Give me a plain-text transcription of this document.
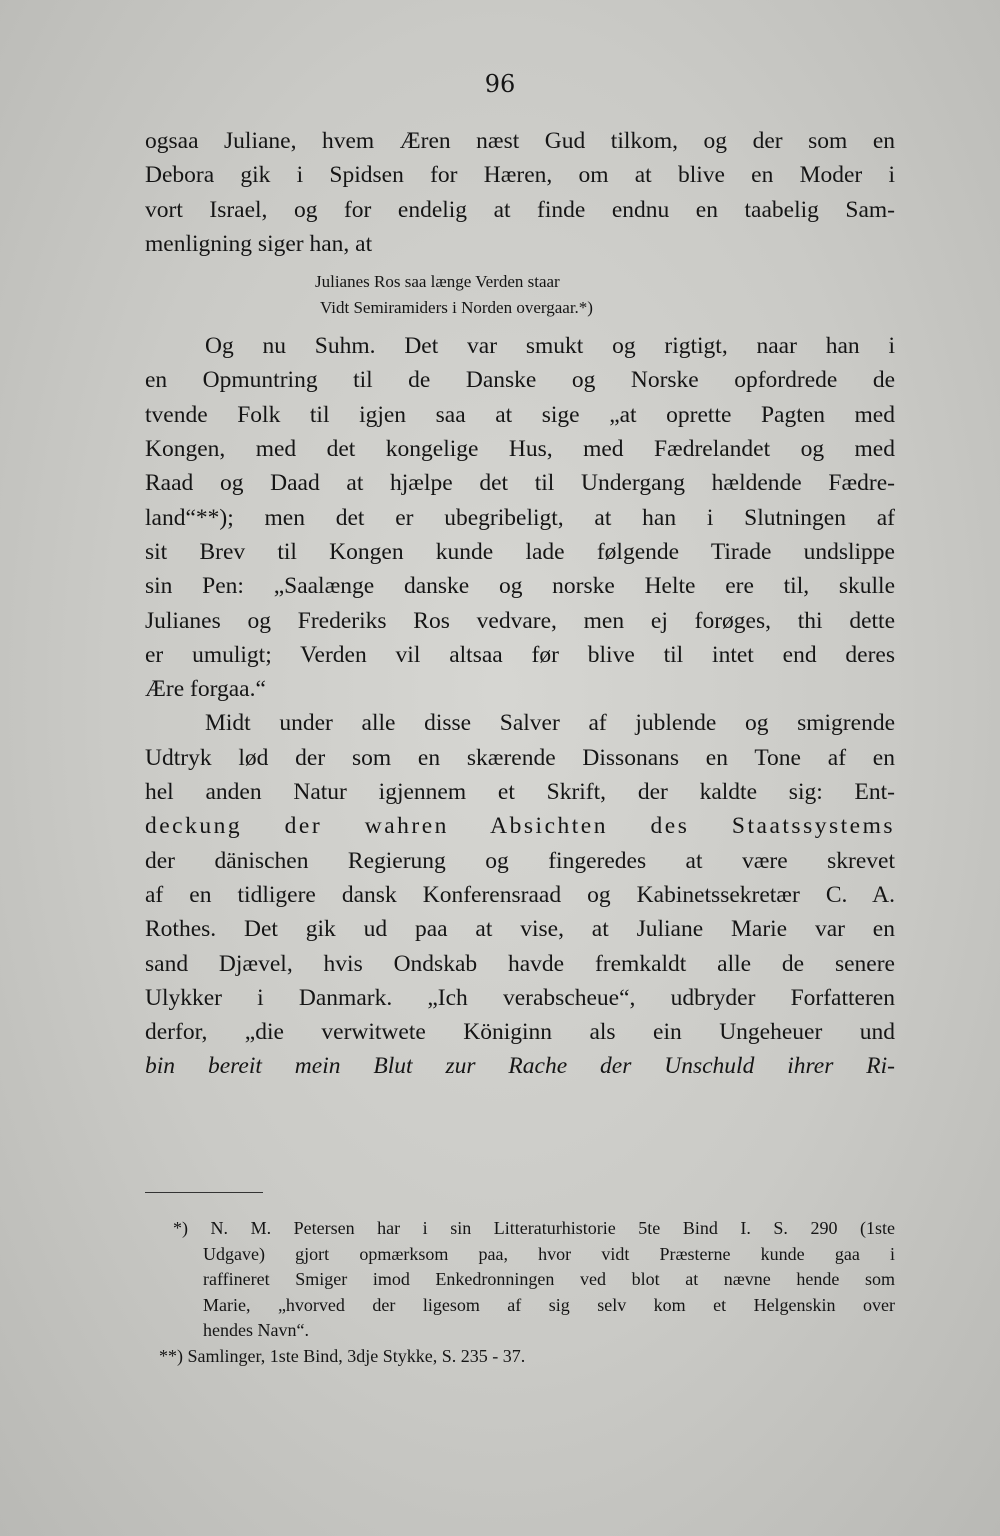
96
ogsaa Juliane, hvem Æren næst Gud tilkom, og der som en
Debora gik i Spidsen for Hæren, om at blive en Moder i
vort Israel, og for endelig at finde endnu en taabelig Sam-
menligning siger han, at
Julianes Ros saa længe Verden staar
Vidt Semiramiders i Norden overgaar.*)
Og nu Suhm. Det var smukt og rigtigt, naar han i
en Opmuntring til de Danske og Norske opfordrede de
tvende Folk til igjen saa at sige „at oprette Pagten med
Kongen, med det kongelige Hus, med Fædrelandet og med
Raad og Daad at hjælpe det til Undergang hældende Fædre-
land“**); men det er ubegribeligt, at han i Slutningen af
sit Brev til Kongen kunde lade følgende Tirade undslippe
sin Pen: „Saalænge danske og norske Helte ere til, skulle
Julianes og Frederiks Ros vedvare, men ej forøges, thi dette
er umuligt; Verden vil altsaa før blive til intet end deres
Ære forgaa.“
Midt under alle disse Salver af jublende og smigrende
Udtryk lød der som en skærende Dissonans en Tone af en
hel anden Natur igjennem et Skrift, der kaldte sig: Ent-
deckung der wahren Absichten des Staatssystems
der dänischen Regierung og fingeredes at være skrevet
af en tidligere dansk Konferensraad og Kabinetssekretær C. A.
Rothes. Det gik ud paa at vise, at Juliane Marie var en
sand Djævel, hvis Ondskab havde fremkaldt alle de senere
Ulykker i Danmark. „Ich verabscheue“, udbryder Forfatteren
derfor, „die verwitwete Königinn als ein Ungeheuer und
bin bereit mein Blut zur Rache der Unschuld ihrer Ri-
*) N. M. Petersen har i sin Litteraturhistorie 5te Bind I. S. 290 (1ste
Udgave) gjort opmærksom paa, hvor vidt Præsterne kunde gaa i
raffineret Smiger imod Enkedronningen ved blot at nævne hende som
Marie, „hvorved der ligesom af sig selv kom et Helgenskin over
hendes Navn“.
**) Samlinger, 1ste Bind, 3dje Stykke, S. 235 - 37.
